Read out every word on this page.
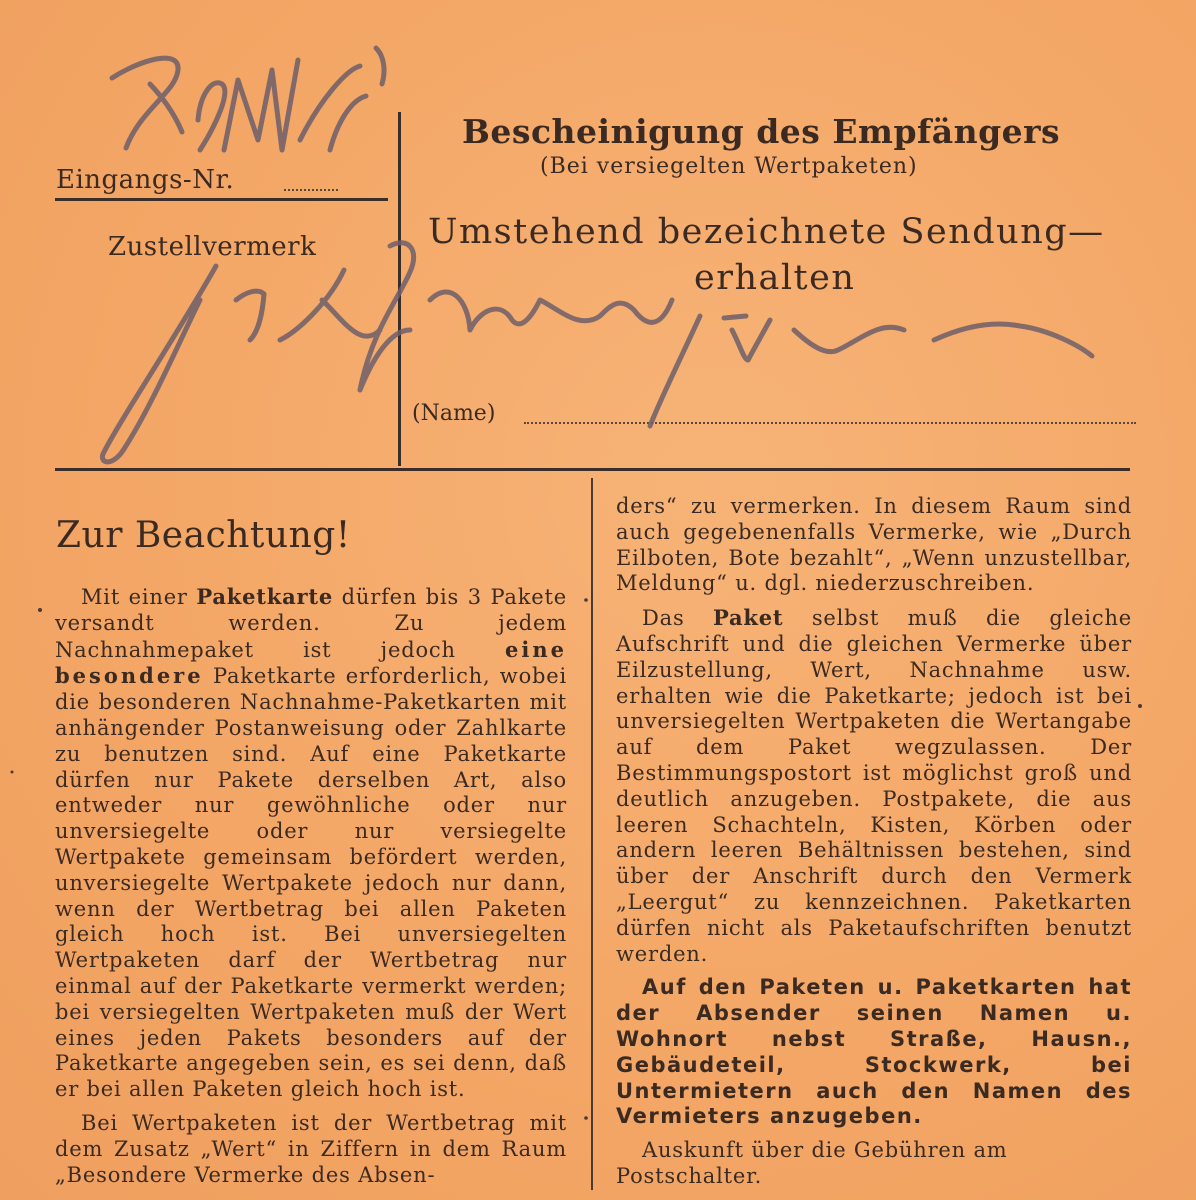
Eingangs-Nr.
Zustellvermerk
Bescheinigung des Empfängers
(Bei versiegelten Wertpaketen)
Umstehend bezeichnete Sendung—
erhalten
(Name)
Zur Beachtung!

Mit einer Paketkarte dürfen bis 3 Pakete versandt werden. Zu jedem Nachnahmepaket ist jedoch eine besondere Paketkarte erforderlich, wobei die besonderen Nachnahme-Paketkarten mit anhängender Postanweisung oder Zahlkarte zu benutzen sind. Auf eine Paketkarte dürfen nur Pakete derselben Art, also entweder nur gewöhnliche oder nur unversiegelte oder nur versiegelte Wertpakete gemeinsam befördert werden, unversiegelte Wertpakete jedoch nur dann, wenn der Wertbetrag bei allen Paketen gleich hoch ist. Bei unversiegelten Wertpaketen darf der Wertbetrag nur einmal auf der Paketkarte vermerkt werden; bei versiegelten Wertpaketen muß der Wert eines jeden Pakets besonders auf der Paketkarte angegeben sein, es sei denn, daß er bei allen Paketen gleich hoch ist.

Bei Wertpaketen ist der Wertbetrag mit dem Zusatz „Wert“ in Ziffern in dem Raum „Besondere Vermerke des Absen-

ders“ zu vermerken. In diesem Raum sind auch gegebenenfalls Vermerke, wie „Durch Eilboten, Bote bezahlt“, „Wenn unzustellbar, Meldung“ u. dgl. niederzuschreiben.

Das Paket selbst muß die gleiche Aufschrift und die gleichen Vermerke über Eilzustellung, Wert, Nachnahme usw. erhalten wie die Paketkarte; jedoch ist bei unversiegelten Wertpaketen die Wertangabe auf dem Paket wegzulassen. Der Bestimmungspostort ist möglichst groß und deutlich anzugeben. Postpakete, die aus leeren Schachteln, Kisten, Körben oder andern leeren Behältnissen bestehen, sind über der Anschrift durch den Vermerk „Leergut“ zu kennzeichnen. Paketkarten dürfen nicht als Paketaufschriften benutzt werden.

Auf den Paketen u. Paketkarten hat der Absender seinen Namen u. Wohnort nebst Straße, Hausn., Gebäudeteil, Stockwerk, bei Untermietern auch den Namen des Vermieters anzugeben.

Auskunft über die Gebühren am Postschalter.
